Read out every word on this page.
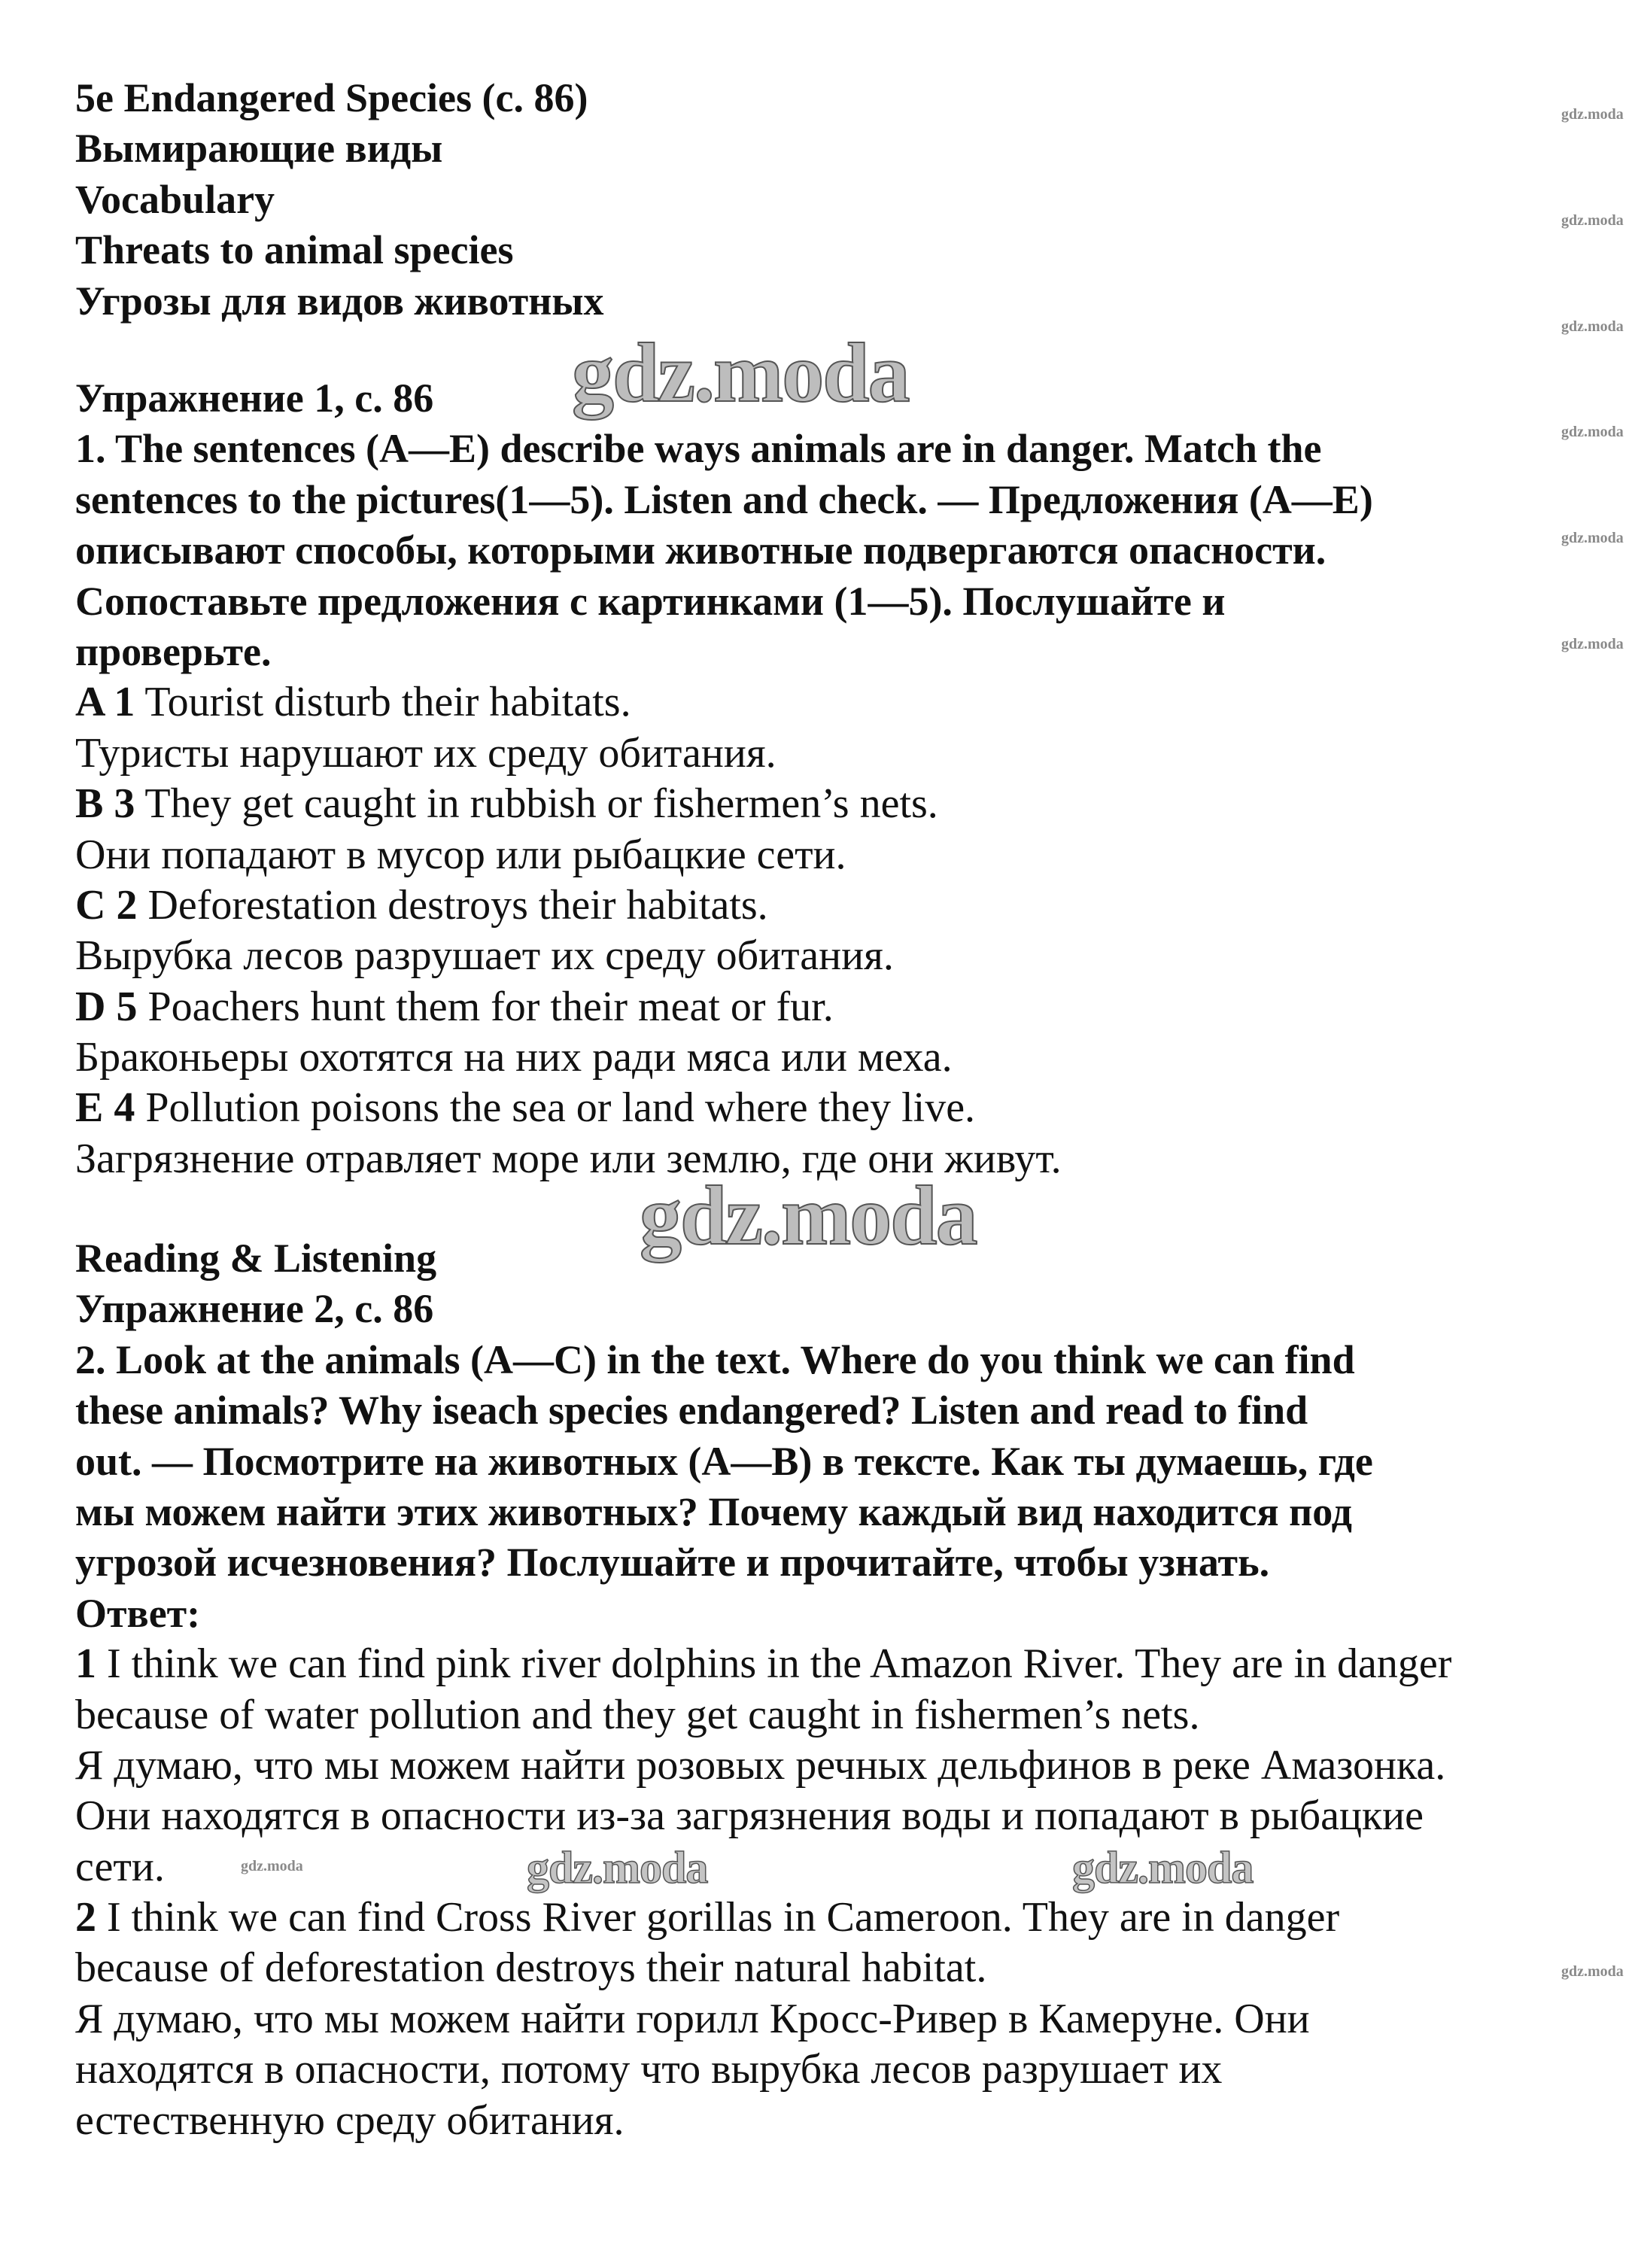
5e Endangered Species (с. 86)
Вымирающие виды
Vocabulary
Threats to animal species
Угрозы для видов животных
Упражнение 1, с. 86
1. The sentences (A—E) describe ways animals are in danger. Match the
sentences to the pictures(1—5). Listen and check. — Предложения (А—Е)
описывают способы, которыми животные подвергаются опасности.
Сопоставьте предложения с картинками (1—5). Послушайте и
проверьте.
A 1 Tourist disturb their habitats.
Туристы нарушают их среду обитания.
B 3 They get caught in rubbish or fishermen’s nets.
Они попадают в мусор или рыбацкие сети.
C 2 Deforestation destroys their habitats.
Вырубка лесов разрушает их среду обитания.
D 5 Poachers hunt them for their meat or fur.
Браконьеры охотятся на них ради мяса или меха.
E 4 Pollution poisons the sea or land where they live.
Загрязнение отравляет море или землю, где они живут.
Reading & Listening
Упражнение 2, с. 86
2. Look at the animals (A—C) in the text. Where do you think we can find
these animals? Why iseach species endangered? Listen and read to find
out. — Посмотрите на животных (А—В) в тексте. Как ты думаешь, где
мы можем найти этих животных? Почему каждый вид находится под
угрозой исчезновения? Послушайте и прочитайте, чтобы узнать.
Ответ:
1 I think we can find pink river dolphins in the Amazon River. They are in danger
because of water pollution and they get caught in fishermen’s nets.
Я думаю, что мы можем найти розовых речных дельфинов в реке Амазонка.
Они находятся в опасности из-за загрязнения воды и попадают в рыбацкие
сети.
2 I think we can find Cross River gorillas in Cameroon. They are in danger
because of deforestation destroys their natural habitat.
Я думаю, что мы можем найти горилл Кросс-Ривер в Камеруне. Они
находятся в опасности, потому что вырубка лесов разрушает их
естественную среду обитания.
gdz.moda
gdz.moda
gdz.moda
gdz.moda
gdz.moda
gdz.moda
gdz.moda
gdz.moda
gdz.moda	gdz.moda
gdz.moda
gdz.moda
